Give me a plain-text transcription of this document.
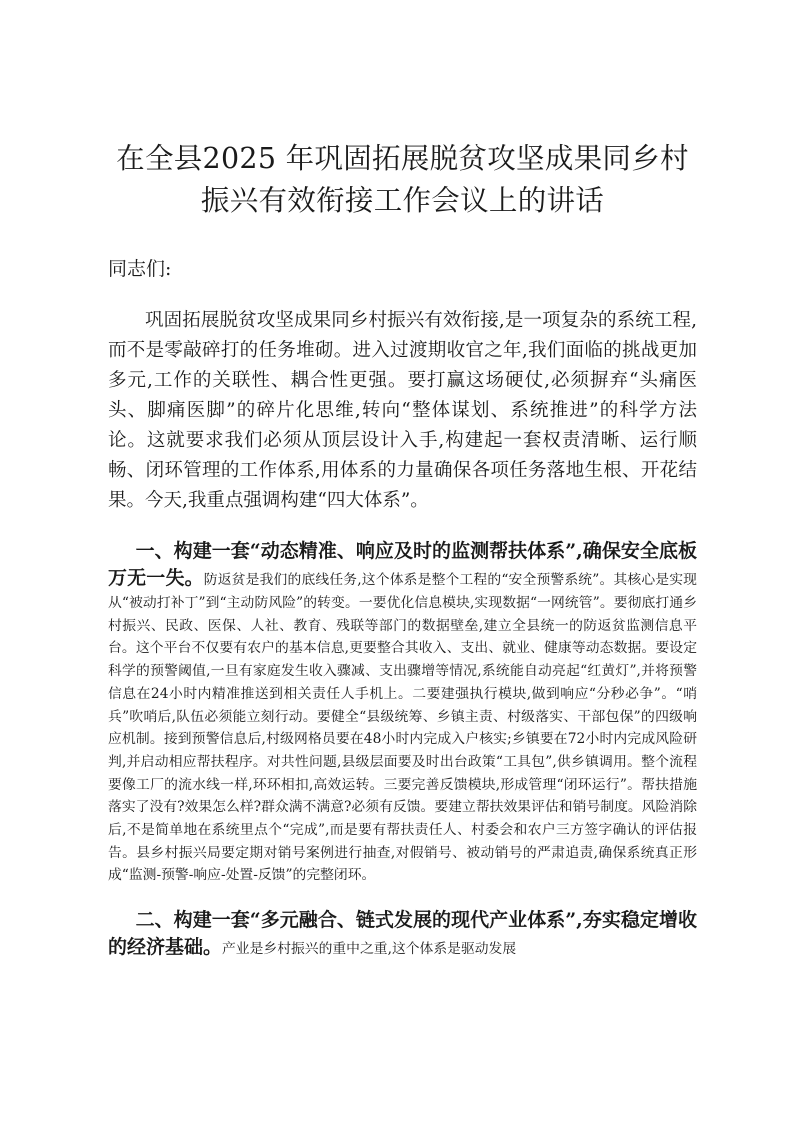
在全县2025 年巩固拓展脱贫攻坚成果同乡村
振兴有效衔接工作会议上的讲话

同志们:

巩固拓展脱贫攻坚成果同乡村振兴有效衔接,是一项复杂的系统工程,而不是零敲碎打的任务堆砌。进入过渡期收官之年,我们面临的挑战更加多元,工作的关联性、耦合性更强。要打赢这场硬仗,必须摒弃“头痛医头、脚痛医脚”的碎片化思维,转向“整体谋划、系统推进”的科学方法论。这就要求我们必须从顶层设计入手,构建起一套权责清晰、运行顺畅、闭环管理的工作体系,用体系的力量确保各项任务落地生根、开花结果。今天,我重点强调构建“四大体系”。

一、构建一套“动态精准、响应及时的监测帮扶体系”,确保安全底板万无一失。防返贫是我们的底线任务,这个体系是整个工程的“安全预警系统”。其核心是实现从“被动打补丁”到“主动防风险”的转变。一要优化信息模块,实现数据“一网统管”。要彻底打通乡村振兴、民政、医保、人社、教育、残联等部门的数据壁垒,建立全县统一的防返贫监测信息平台。这个平台不仅要有农户的基本信息,更要整合其收入、支出、就业、健康等动态数据。要设定科学的预警阈值,一旦有家庭发生收入骤减、支出骤增等情况,系统能自动亮起“红黄灯”,并将预警信息在24小时内精准推送到相关责任人手机上。二要建强执行模块,做到响应“分秒必争”。“哨兵”吹哨后,队伍必须能立刻行动。要健全“县级统筹、乡镇主责、村级落实、干部包保”的四级响应机制。接到预警信息后,村级网格员要在48小时内完成入户核实;乡镇要在72小时内完成风险研判,并启动相应帮扶程序。对共性问题,县级层面要及时出台政策“工具包”,供乡镇调用。整个流程要像工厂的流水线一样,环环相扣,高效运转。三要完善反馈模块,形成管理“闭环运行”。帮扶措施落实了没有?效果怎么样?群众满不满意?必须有反馈。要建立帮扶效果评估和销号制度。风险消除后,不是简单地在系统里点个“完成”,而是要有帮扶责任人、村委会和农户三方签字确认的评估报告。县乡村振兴局要定期对销号案例进行抽查,对假销号、被动销号的严肃追责,确保系统真正形成“监测-预警-响应-处置-反馈”的完整闭环。

二、构建一套“多元融合、链式发展的现代产业体系”,夯实稳定增收的经济基础。产业是乡村振兴的重中之重,这个体系是驱动发展
